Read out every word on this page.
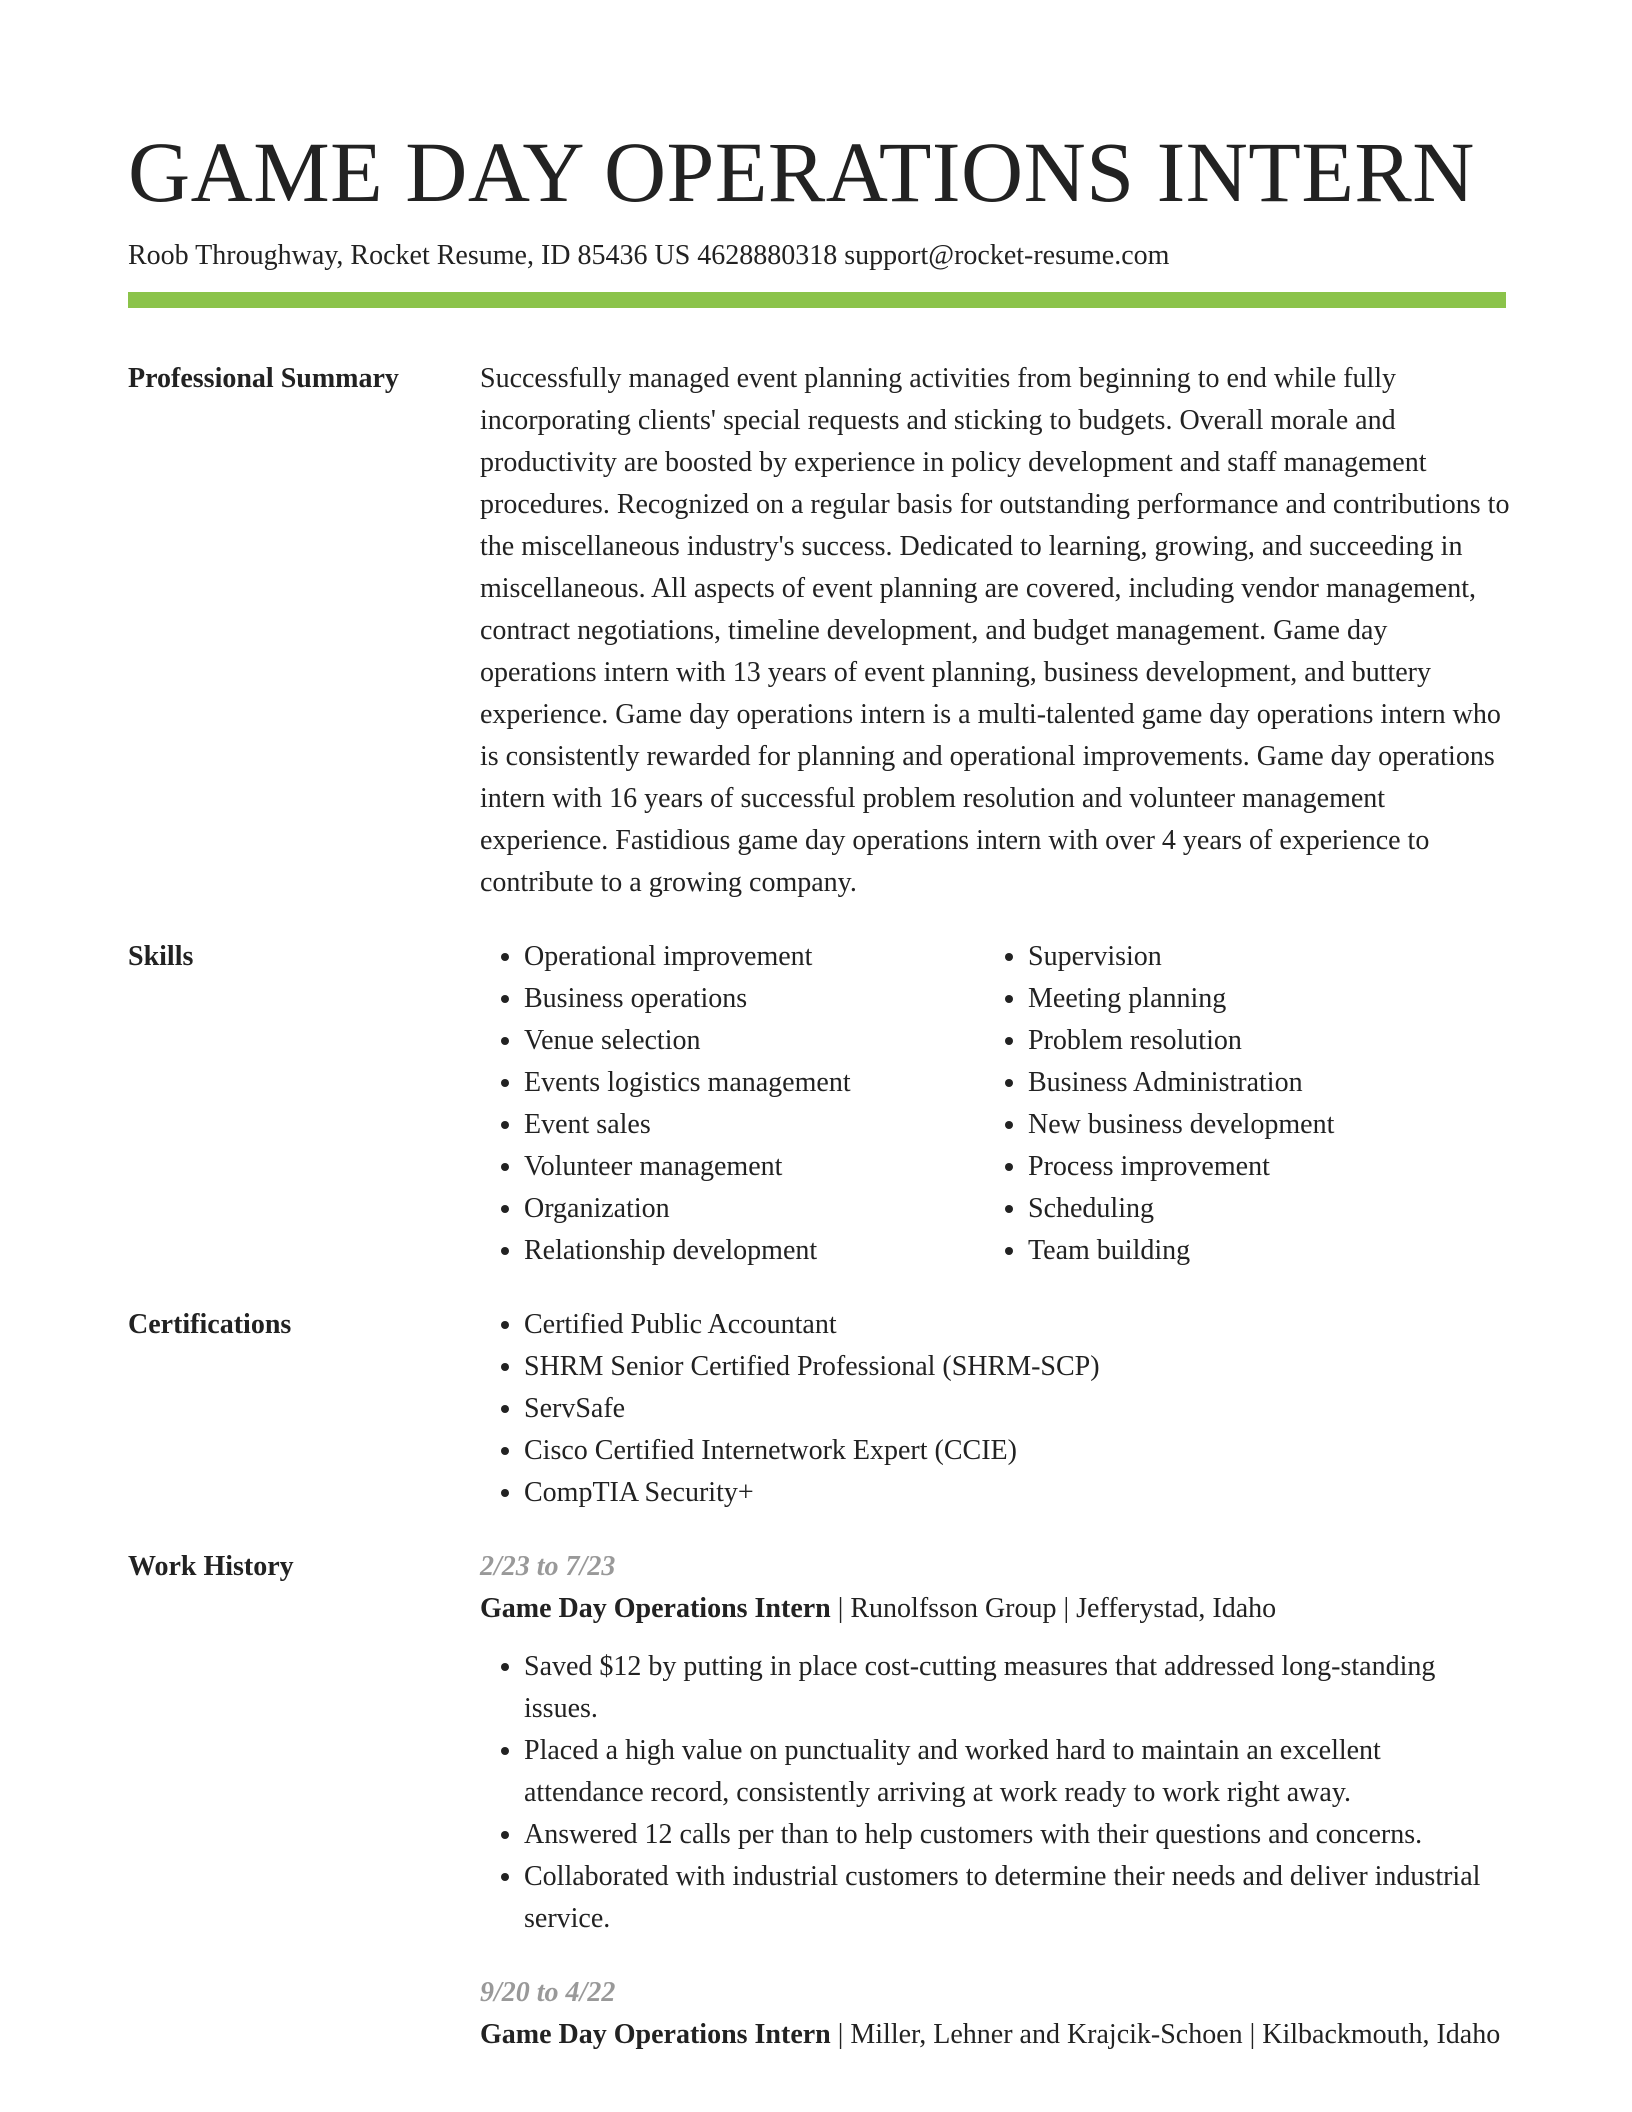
GAME DAY OPERATIONS INTERN
Roob Throughway, Rocket Resume, ID 85436 US 4628880318 support@rocket-resume.com
Professional Summary	Successfully managed event planning activities from beginning to end while fully incorporating clients' special requests and sticking to budgets. Overall morale and productivity are boosted by experience in policy development and staff management procedures. Recognized on a regular basis for outstanding performance and contributions to the miscellaneous industry's success. Dedicated to learning, growing, and succeeding in miscellaneous. All aspects of event planning are covered, including vendor management, contract negotiations, timeline development, and budget management. Game day operations intern with 13 years of event planning, business development, and buttery experience. Game day operations intern is a multi-talented game day operations intern who is consistently rewarded for planning and operational improvements. Game day operations intern with 16 years of successful problem resolution and volunteer management experience. Fastidious game day operations intern with over 4 years of experience to contribute to a growing company.

Skills	• Operational improvement
• Business operations
• Venue selection
• Events logistics management
• Event sales
• Volunteer management
• Organization
• Relationship development
• Supervision
• Meeting planning
• Problem resolution
• Business Administration
• New business development
• Process improvement
• Scheduling
• Team building
Certifications	• Certified Public Accountant
• SHRM Senior Certified Professional (SHRM-SCP)
• ServSafe
• Cisco Certified Internetwork Expert (CCIE)
• CompTIA Security+
Work History	2/23 to 7/23

Game Day Operations Intern | Runolfsson Group | Jefferystad, Idaho

• Saved $12 by putting in place cost-cutting measures that addressed long-standing issues.
• Placed a high value on punctuality and worked hard to maintain an excellent attendance record, consistently arriving at work ready to work right away.
• Answered 12 calls per than to help customers with their questions and concerns.
• Collaborated with industrial customers to determine their needs and deliver industrial service.
9/20 to 4/22

Game Day Operations Intern | Miller, Lehner and Krajcik-Schoen | Kilbackmouth, Idaho
